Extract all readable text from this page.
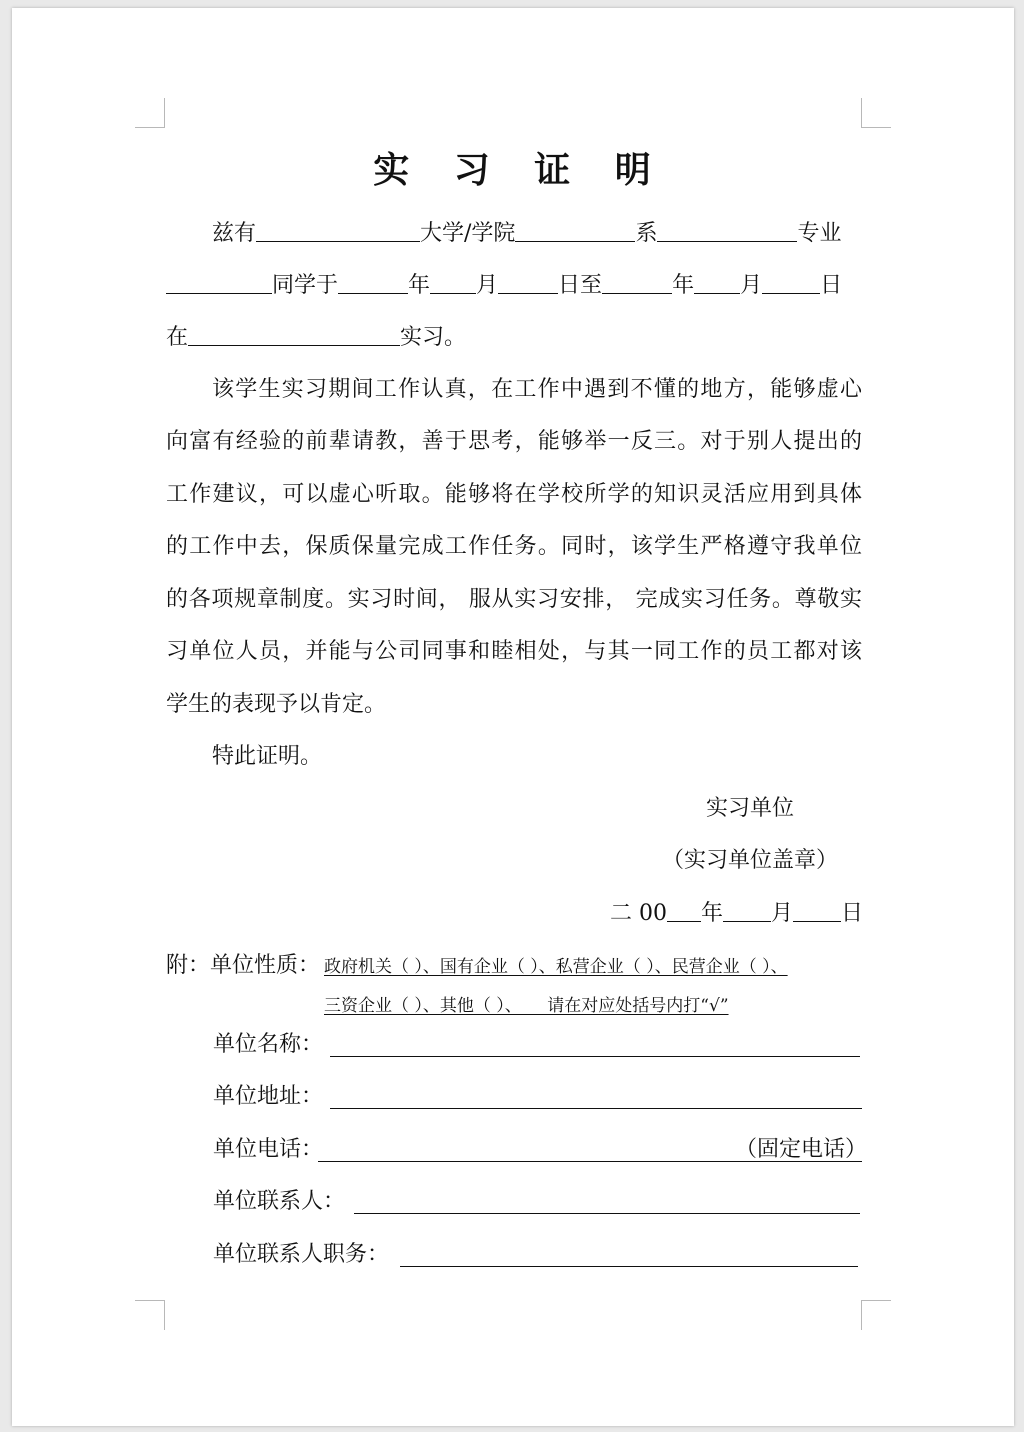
实 习 证 明
兹有	大学/学院	系	专业
同学于	年 月	日至	年 月	日
在	实习。
该学生实习期间工作认真，在工作中遇到不懂的地方，能够虚心
向富有经验的前辈请教，善于思考，能够举一反三。对于别人提出的
工作建议，可以虚心听取。能够将在学校所学的知识灵活应用到具体
的工作中去，保质保量完成工作任务。同时，该学生严格遵守我单位
的各项规章制度。实习时间， 服从实习安排， 完成实习任务。尊敬实
习单位人员，并能与公司同事和睦相处，与其一同工作的员工都对该
学生的表现予以肯定。
特此证明。
实习单位
（实习单位盖章）
二 00 年 月 日
附：单位性质： 政府机关（ ）、国有企业（ ）、私营企业（ ）、民营企业（ ）、
三资企业（ ）、其他（ ）、　　请在对应处括号内打“√”
单位名称：
单位地址：
单位电话：	（固定电话）
单位联系人：
单位联系人职务：
